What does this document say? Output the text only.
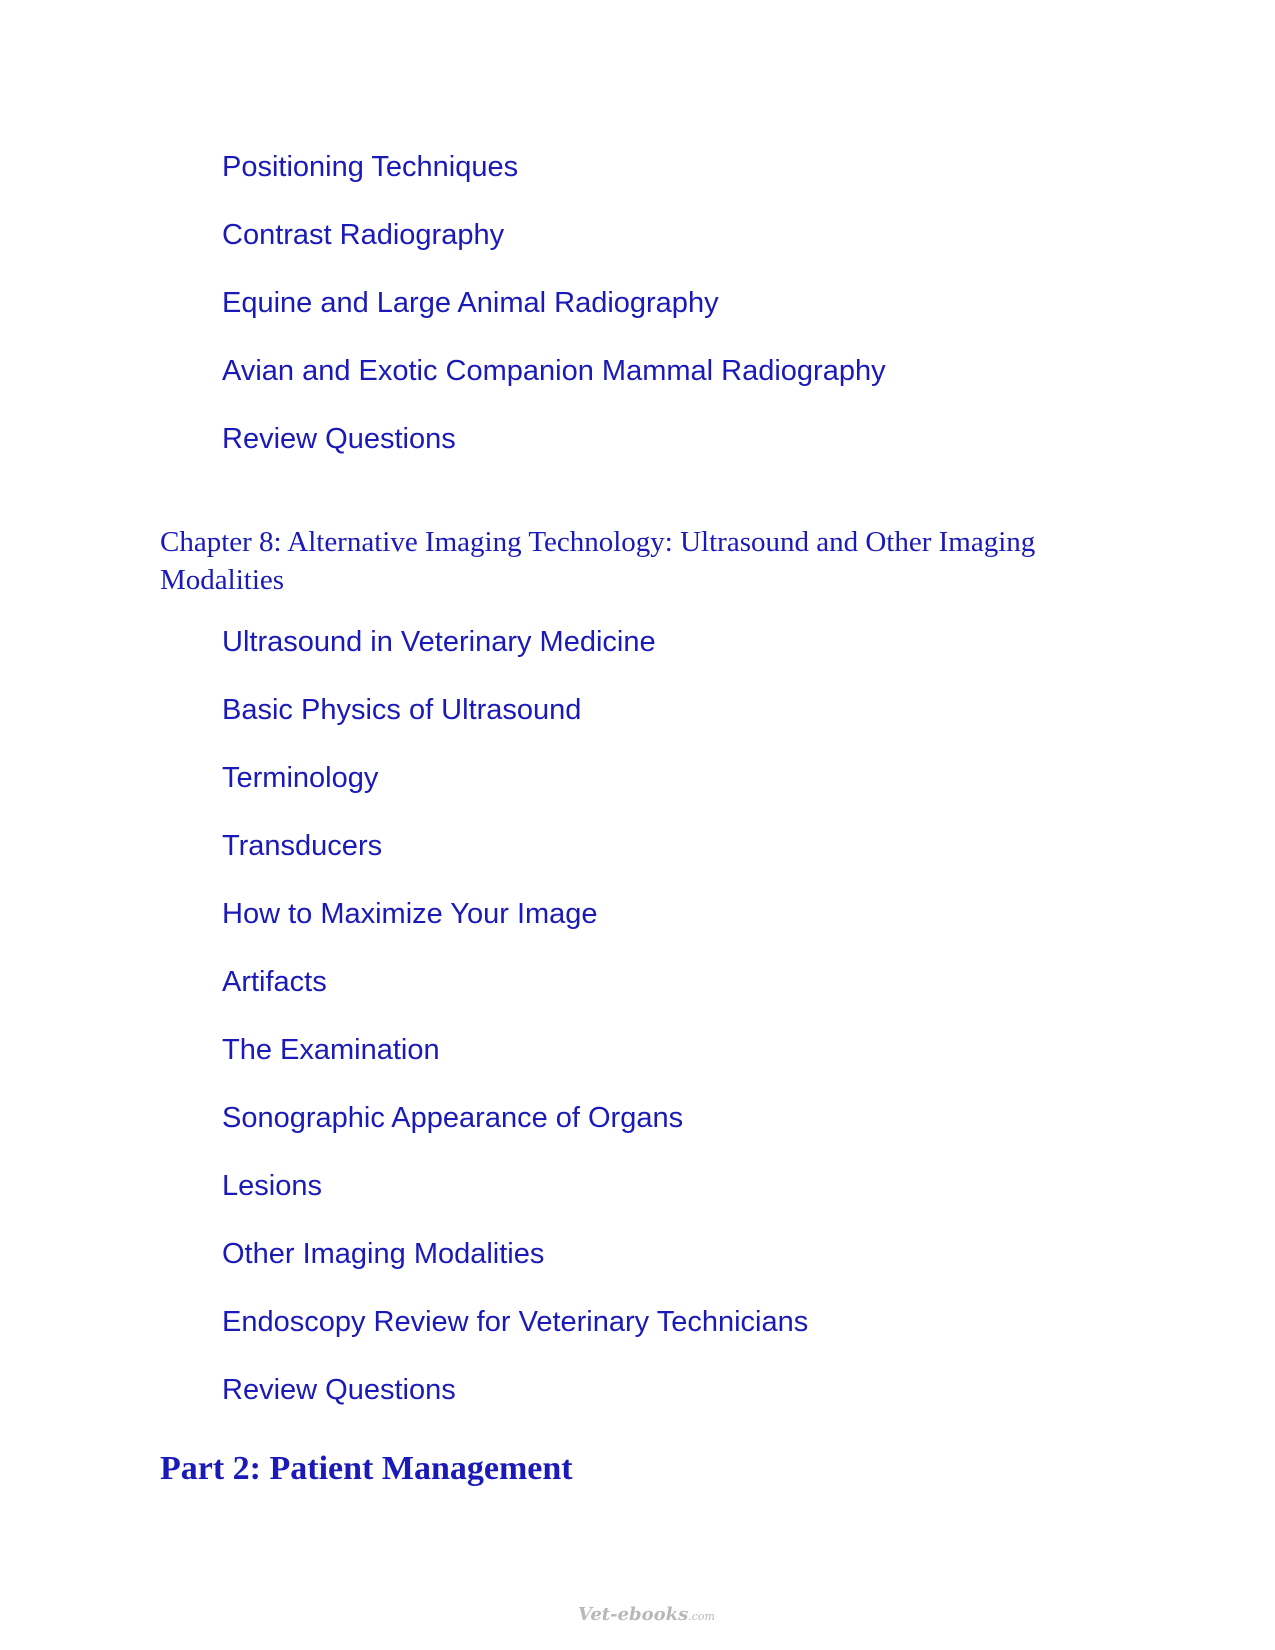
Positioning Techniques
Contrast Radiography
Equine and Large Animal Radiography
Avian and Exotic Companion Mammal Radiography
Review Questions
Chapter 8: Alternative Imaging Technology: Ultrasound and Other Imaging Modalities
Ultrasound in Veterinary Medicine
Basic Physics of Ultrasound
Terminology
Transducers
How to Maximize Your Image
Artifacts
The Examination
Sonographic Appearance of Organs
Lesions
Other Imaging Modalities
Endoscopy Review for Veterinary Technicians
Review Questions
Part 2: Patient Management
Vet-ebooks.com
